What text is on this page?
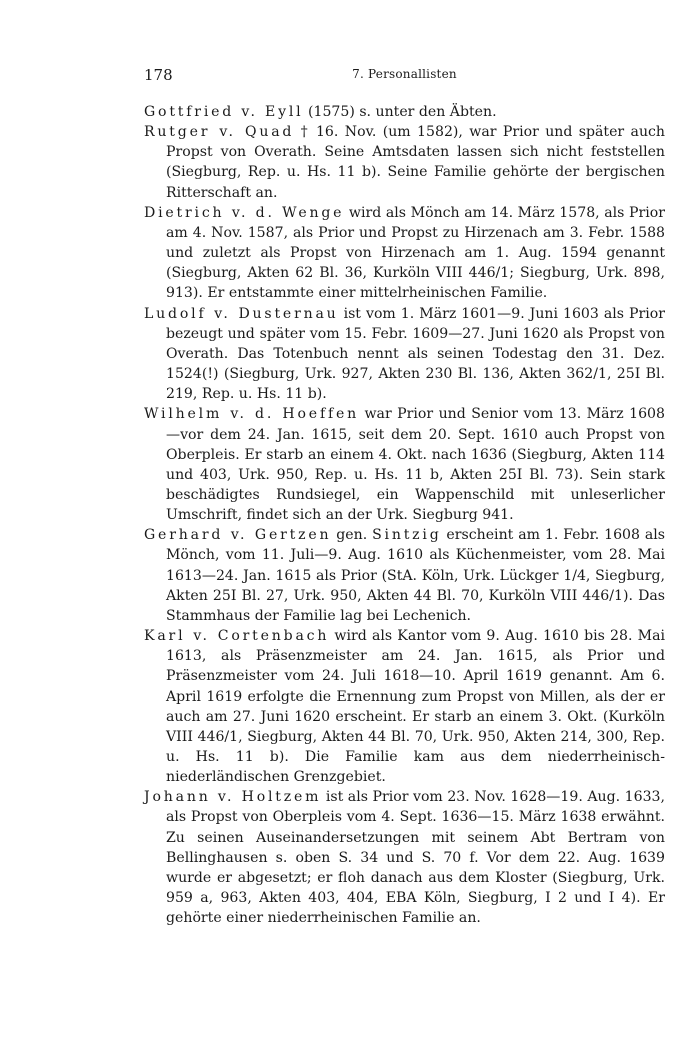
178	7. Personallisten

Gottfried v. Eyll (1575) s. unter den Äbten.

Rutger v. Quad † 16. Nov. (um 1582), war Prior und später auch Propst von Overath. Seine Amtsdaten lassen sich nicht feststellen (Siegburg, Rep. u. Hs. 11 b). Seine Familie gehörte der bergischen Ritterschaft an.

Dietrich v. d. Wenge wird als Mönch am 14. März 1578, als Prior am 4. Nov. 1587, als Prior und Propst zu Hirzenach am 3. Febr. 1588 und zuletzt als Propst von Hirzenach am 1. Aug. 1594 genannt (Siegburg, Akten 62 Bl. 36, Kurköln VIII 446/1; Siegburg, Urk. 898, 913). Er entstammte einer mittelrheinischen Familie.

Ludolf v. Dusternau ist vom 1. März 1601—9. Juni 1603 als Prior bezeugt und später vom 15. Febr. 1609—27. Juni 1620 als Propst von Overath. Das Totenbuch nennt als seinen Todestag den 31. Dez. 1524(!) (Siegburg, Urk. 927, Akten 230 Bl. 136, Akten 362/1, 25I Bl. 219, Rep. u. Hs. 11 b).

Wilhelm v. d. Hoeffen war Prior und Senior vom 13. März 1608—vor dem 24. Jan. 1615, seit dem 20. Sept. 1610 auch Propst von Oberpleis. Er starb an einem 4. Okt. nach 1636 (Siegburg, Akten 114 und 403, Urk. 950, Rep. u. Hs. 11 b, Akten 25I Bl. 73). Sein stark beschädigtes Rundsiegel, ein Wappenschild mit unleserlicher Umschrift, findet sich an der Urk. Siegburg 941.

Gerhard v. Gertzen gen. Sintzig erscheint am 1. Febr. 1608 als Mönch, vom 11. Juli—9. Aug. 1610 als Küchenmeister, vom 28. Mai 1613—24. Jan. 1615 als Prior (StA. Köln, Urk. Lückger 1/4, Siegburg, Akten 25I Bl. 27, Urk. 950, Akten 44 Bl. 70, Kurköln VIII 446/1). Das Stammhaus der Familie lag bei Lechenich.

Karl v. Cortenbach wird als Kantor vom 9. Aug. 1610 bis 28. Mai 1613, als Präsenzmeister am 24. Jan. 1615, als Prior und Präsenzmeister vom 24. Juli 1618—10. April 1619 genannt. Am 6. April 1619 erfolgte die Ernennung zum Propst von Millen, als der er auch am 27. Juni 1620 erscheint. Er starb an einem 3. Okt. (Kurköln VIII 446/1, Siegburg, Akten 44 Bl. 70, Urk. 950, Akten 214, 300, Rep. u. Hs. 11 b). Die Familie kam aus dem niederrheinisch-niederländischen Grenzgebiet.

Johann v. Holtzem ist als Prior vom 23. Nov. 1628—19. Aug. 1633, als Propst von Oberpleis vom 4. Sept. 1636—15. März 1638 erwähnt. Zu seinen Auseinandersetzungen mit seinem Abt Bertram von Bellinghausen s. oben S. 34 und S. 70 f. Vor dem 22. Aug. 1639 wurde er abgesetzt; er floh danach aus dem Kloster (Siegburg, Urk. 959 a, 963, Akten 403, 404, EBA Köln, Siegburg, I 2 und I 4). Er gehörte einer niederrheinischen Familie an.
